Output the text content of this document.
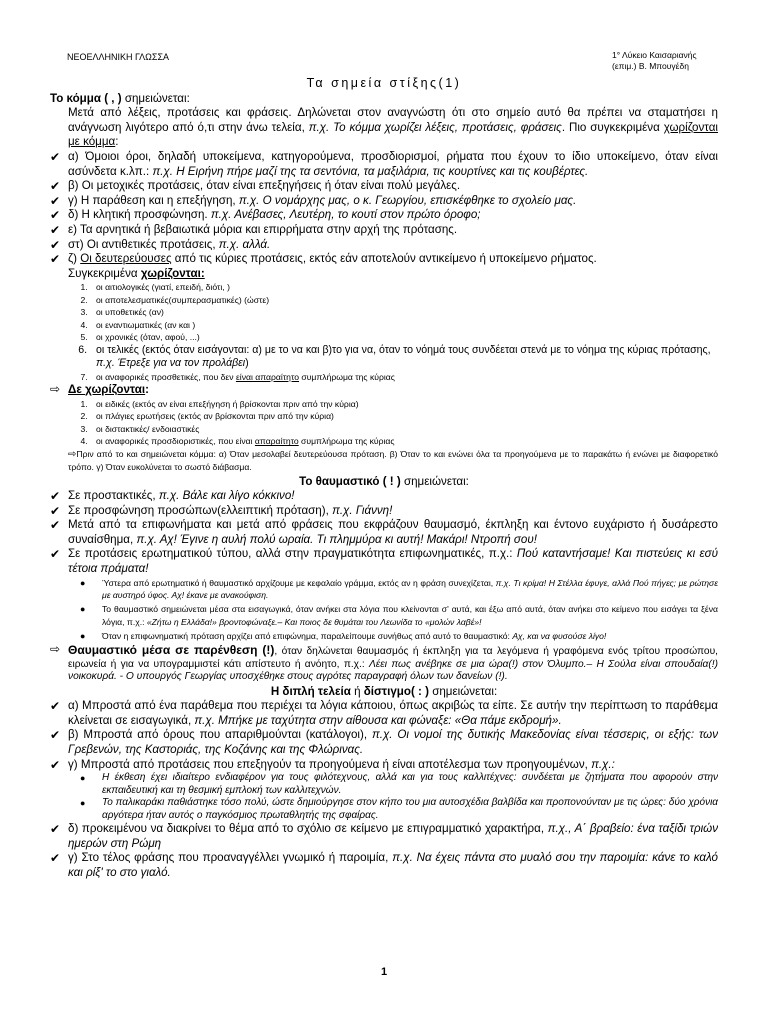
ΝΕΟΕΛΛΗΝΙΚΗ ΓΛΩΣΣΑ	1° Λύκειο Καισαριανής
(επιμ.) Β. Μπουγέδη
Τα σημεία στίξης(1)
Το κόμμα ( , ) σημειώνεται:
Μετά από λέξεις, προτάσεις και φράσεις. Δηλώνεται στον αναγνώστη ότι στο σημείο αυτό θα πρέπει να σταματήσει η ανάγνωση λιγότερο από ό,τι στην άνω τελεία, π.χ. Το κόμμα χωρίζει λέξεις, προτάσεις, φράσεις. Πιο συγκεκριμένα χωρίζονται με κόμμα:
✔ α) Όμοιοι όροι, δηλαδή υποκείμενα, κατηγορούμενα, προσδιορισμοί, ρήματα που έχουν το ίδιο υποκείμενο, όταν είναι ασύνδετα κ.λπ.: π.χ. Η Ειρήνη πήρε μαζί της τα σεντόνια, τα μαξιλάρια, τις κουρτίνες και τις κουβέρτες.
✔ β) Οι μετοχικές προτάσεις, όταν είναι επεξηγήσεις ή όταν είναι πολύ μεγάλες.
✔ γ) Η παράθεση και η επεξήγηση, π.χ. Ο νομάρχης μας, ο κ. Γεωργίου, επισκέφθηκε το σχολείο μας.
✔ δ) Η κλητική προσφώνηση. π.χ. Ανέβασες, Λευτέρη, το κουτί στον πρώτο όροφο;
✔ ε) Τα αρνητικά ή βεβαιωτικά μόρια και επιρρήματα στην αρχή της πρότασης.
✔ στ) Οι αντιθετικές προτάσεις, π.χ. αλλά.
✔ ζ) Οι δευτερεύουσες από τις κύριες προτάσεις, εκτός εάν αποτελούν αντικείμενο ή υποκείμενο ρήματος.
Συγκεκριμένα χωρίζονται:
1. οι αιτιολογικές (γιατί, επειδή, διότι, )
2. οι αποτελεσματικές(συμπερασματικές) (ώστε)
3. οι υποθετικές (αν)
4. οι εναντιωματικές (αν και )
5. οι χρονικές (όταν, αφού, ...)
6. οι τελικές (εκτός όταν εισάγονται: α) με το να και β)το για να, όταν το νόημά τους συνδέεται στενά με το νόημα της κύριας πρότασης, π.χ. Έτρεξε για να τον προλάβει)
7. οι αναφορικές προσθετικές, που δεν είναι απαραίτητο συμπλήρωμα της κύριας
⇨ Δε χωρίζονται:
1. οι ειδικές (εκτός αν είναι επεξήγηση ή βρίσκονται πριν από την κύρια)
2. οι πλάγιες ερωτήσεις (εκτός αν βρίσκονται πριν από την κύρια)
3. οι διστακτικές/ ενδοιαστικές
4. οι αναφορικές προσδιοριστικές, που είναι απαραίτητο συμπλήρωμα της κύριας
⇨Πριν από το και σημειώνεται κόμμα: α) Όταν μεσολαβεί δευτερεύουσα πρόταση. β) Όταν το και ενώνει όλα τα προηγούμενα με το παρακάτω ή ενώνει με διαφορετικό τρόπο. γ) Όταν ευκολύνεται το σωστό διάβασμα.
Το θαυμαστικό ( ! ) σημειώνεται:
✔ Σε προστακτικές, π.χ. Βάλε και λίγο κόκκινο!
✔ Σε προσφώνηση προσώπων(ελλειπτική πρόταση), π.χ. Γιάννη!
✔ Μετά από τα επιφωνήματα και μετά από φράσεις που εκφράζουν θαυμασμό, έκπληξη και έντονο ευχάριστο ή δυσάρεστο συναίσθημα, π.χ. Αχ! Έγινε η αυλή πολύ ωραία. Τι πλημμύρα κι αυτή! Μακάρι! Ντροπή σου!
✔ Σε προτάσεις ερωτηματικού τύπου, αλλά στην πραγματικότητα επιφωνηματικές, π.χ.: Πού καταντήσαμε! Και πιστεύεις κι εσύ τέτοια πράματα!
● Ύστερα από ερωτηματικό ή θαυμαστικό αρχίζουμε με κεφαλαίο γράμμα, εκτός αν η φράση συνεχίζεται, π.χ. Τι κρίμα! Η Στέλλα έφυγε, αλλά Πού πήγες; με ρώτησε με αυστηρό ύφος. Αχ! έκανε με ανακούφιση.
● Το θαυμαστικό σημειώνεται μέσα στα εισαγωγικά, όταν ανήκει στα λόγια που κλείνονται σ' αυτά, και έξω από αυτά, όταν ανήκει στο κείμενο που εισάγει τα ξένα λόγια, π.χ.: «Ζήτω η Ελλάδα!» βροντοφώναξε.– Και ποιος δε θυμάται του Λεωνίδα το «μολών λαβέ»!
● Όταν η επιφωνηματική πρόταση αρχίζει από επιφώνημα, παραλείπουμε συνήθως από αυτό το θαυμαστικό: Αχ, και να φυσούσε λίγο!
⇨ Θαυμαστικό μέσα σε παρένθεση (!), όταν δηλώνεται θαυμασμός ή έκπληξη για τα λεγόμενα ή γραφόμενα ενός τρίτου προσώπου, ειρωνεία ή για να υπογραμμιστεί κάτι απίστευτο ή ανόητο, π.χ.: Λέει πως ανέβηκε σε μια ώρα(!) στον Όλυμπο.– Η Σούλα είναι σπουδαία(!) νοικοκυρά. - Ο υπουργός Γεωργίας υποσχέθηκε στους αγρότες παραγραφή όλων των δανείων (!).
Η διπλή τελεία ή δίστιγμο( : ) σημειώνεται:
✔ α) Μπροστά από ένα παράθεμα που περιέχει τα λόγια κάποιου, όπως ακριβώς τα είπε. Σε αυτήν την περίπτωση το παράθεμα κλείνεται σε εισαγωγικά, π.χ. Μπήκε με ταχύτητα στην αίθουσα και φώναξε: «Θα πάμε εκδρομή».
✔ β) Μπροστά από όρους που απαριθμούνται (κατάλογοι), π.χ. Οι νομοί της δυτικής Μακεδονίας είναι τέσσερις, οι εξής: των Γρεβενών, της Καστοριάς, της Κοζάνης και της Φλώρινας.
✔ γ) Μπροστά από προτάσεις που επεξηγούν τα προηγούμενα ή είναι αποτέλεσμα των προηγουμένων, π.χ.:
● Η έκθεση έχει ιδιαίτερο ενδιαφέρον για τους φιλότεχνους, αλλά και για τους καλλιτέχνες: συνδέεται με ζητήματα που αφορούν στην εκπαιδευτική και τη θεσμική εμπλοκή των καλλιτεχνών.
● Το παλικαράκι παθιάστηκε τόσο πολύ, ώστε δημιούργησε στον κήπο του μια αυτοσχέδια βαλβίδα και προπονούνταν με τις ώρες: δύο χρόνια αργότερα ήταν αυτός ο παγκόσμιος πρωταθλητής της σφαίρας.
✔ δ) προκειμένου να διακρίνει το θέμα από το σχόλιο σε κείμενο με επιγραμματικό χαρακτήρα, π.χ., Α΄ βραβείο: ένα ταξίδι τριών ημερών στη Ρώμη
✔ γ) Στο τέλος φράσης που προαναγγέλλει γνωμικό ή παροιμία, π.χ. Να έχεις πάντα στο μυαλό σου την παροιμία: κάνε το καλό και ρίξ' το στο γιαλό.
1
